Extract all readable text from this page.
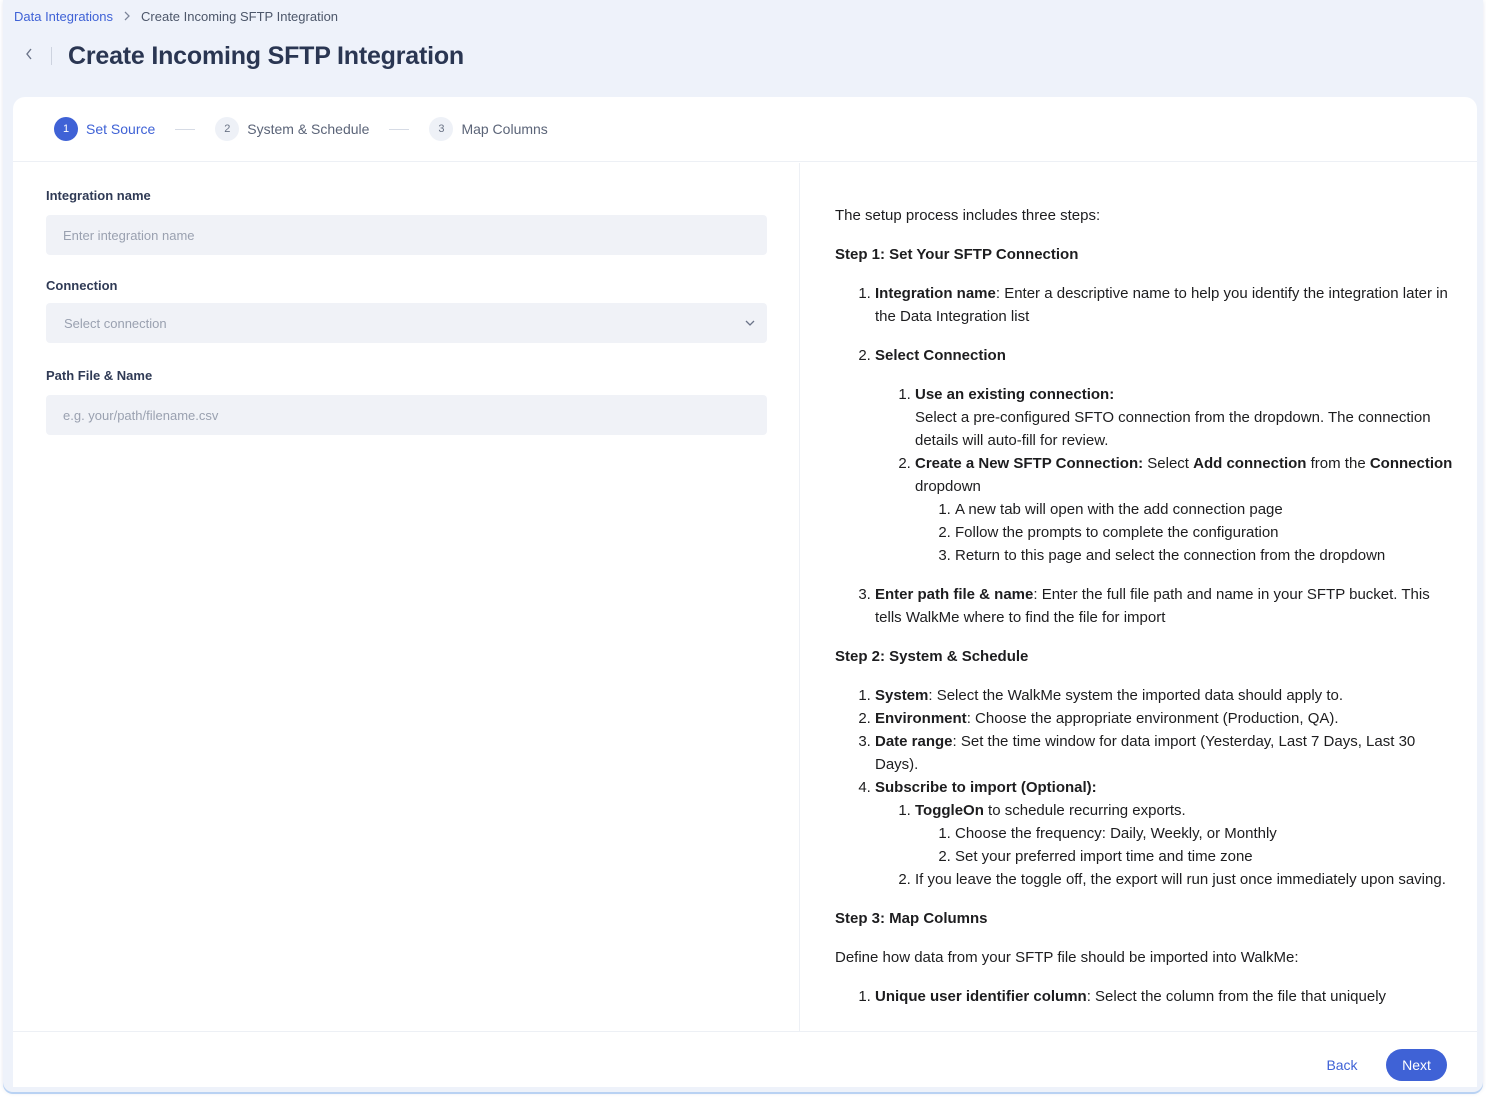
Data Integrations Create Incoming SFTP Integration
Create Incoming SFTP Integration
1	Set Source	2	System & Schedule	3	Map Columns
Integration name
Enter integration name
Connection
Select connection
Path File & Name
e.g. your/path/filename.csv

The setup process includes three steps:

Step 1: Set Your SFTP Connection

1. Integration name: Enter a descriptive name to help you identify the integration later in the Data Integration list
2. Select Connection
1. Use an existing connection:
Select a pre-configured SFTO connection from the dropdown. The connection details will auto-fill for review.
2. Create a New SFTP Connection: Select Add connection from the Connection dropdown
1. A new tab will open with the add connection page
2. Follow the prompts to complete the configuration
3. Return to this page and select the connection from the dropdown
3. Enter path file & name: Enter the full file path and name in your SFTP bucket. This tells WalkMe where to find the file for import

Step 2: System & Schedule

1. System: Select the WalkMe system the imported data should apply to.
2. Environment: Choose the appropriate environment (Production, QA).
3. Date range: Set the time window for data import (Yesterday, Last 7 Days, Last 30 Days).
4. Subscribe to import (Optional):
1. ToggleOn to schedule recurring exports.
1. Choose the frequency: Daily, Weekly, or Monthly
2. Set your preferred import time and time zone
2. If you leave the toggle off, the export will run just once immediately upon saving.

Step 3: Map Columns

Define how data from your SFTP file should be imported into WalkMe:

1. Unique user identifier column: Select the column from the file that uniquely
Back	Next
